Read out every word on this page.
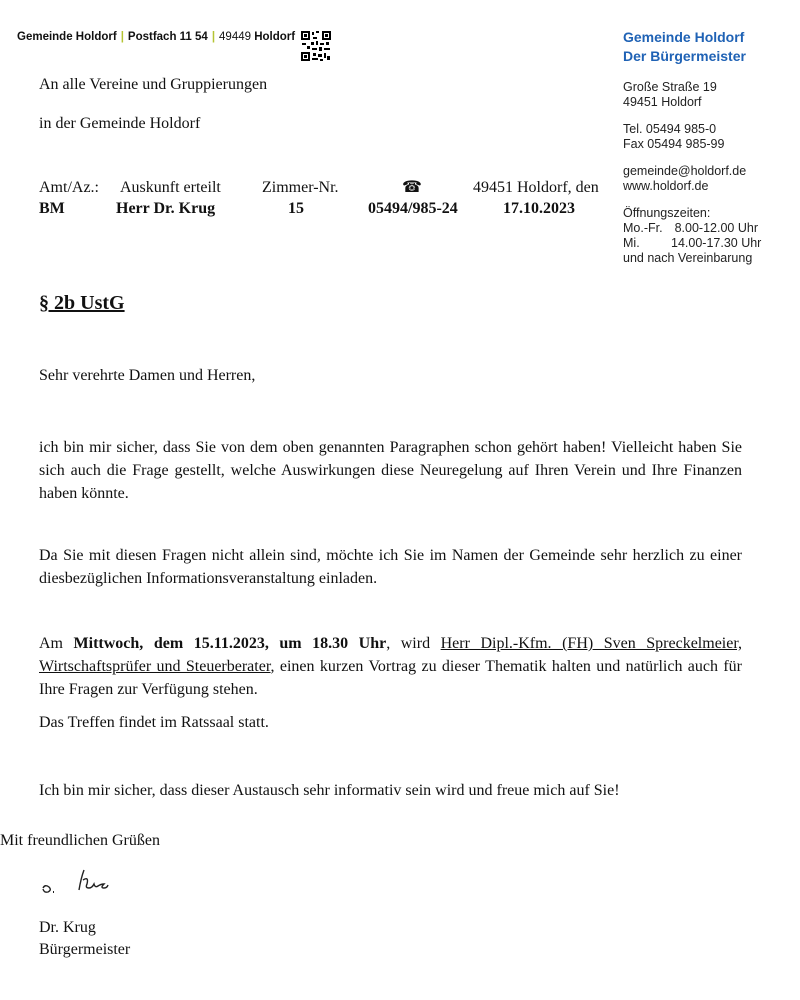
Gemeinde Holdorf | Postfach 11 54 | 49449 Holdorf	Gemeinde Holdorf
Der Bürgermeister
Große Straße 19
49451 Holdorf
Tel. 05494 985-0
Fax 05494 985-99
gemeinde@holdorf.de
www.holdorf.de
Öffnungszeiten:
Mo.-Fr. 8.00-12.00 Uhr
Mi.	14.00-17.30 Uhr
und nach Vereinbarung
An alle Vereine und Gruppierungen
in der Gemeinde Holdorf
Amt/Az.: Auskunft erteilt	Zimmer-Nr.	☎	49451 Holdorf, den
BM	Herr Dr. Krug	15	05494/985-24	17.10.2023
§ 2b UstG
Sehr verehrte Damen und Herren,
ich bin mir sicher, dass Sie von dem oben genannten Paragraphen schon gehört haben! Vielleicht haben Sie sich auch die Frage gestellt, welche Auswirkungen diese Neuregelung auf Ihren Verein und Ihre Finanzen haben könnte.
Da Sie mit diesen Fragen nicht allein sind, möchte ich Sie im Namen der Gemeinde sehr herzlich zu einer diesbezüglichen Informationsveranstaltung einladen.
Am Mittwoch, dem 15.11.2023, um 18.30 Uhr, wird Herr Dipl.-Kfm. (FH) Sven Spreckelmeier, Wirtschaftsprüfer und Steuerberater, einen kurzen Vortrag zu dieser Thematik halten und natürlich auch für Ihre Fragen zur Verfügung stehen.
Das Treffen findet im Ratssaal statt.
Ich bin mir sicher, dass dieser Austausch sehr informativ sein wird und freue mich auf Sie!
Mit freundlichen Grüßen
Dr. Krug
Bürgermeister
